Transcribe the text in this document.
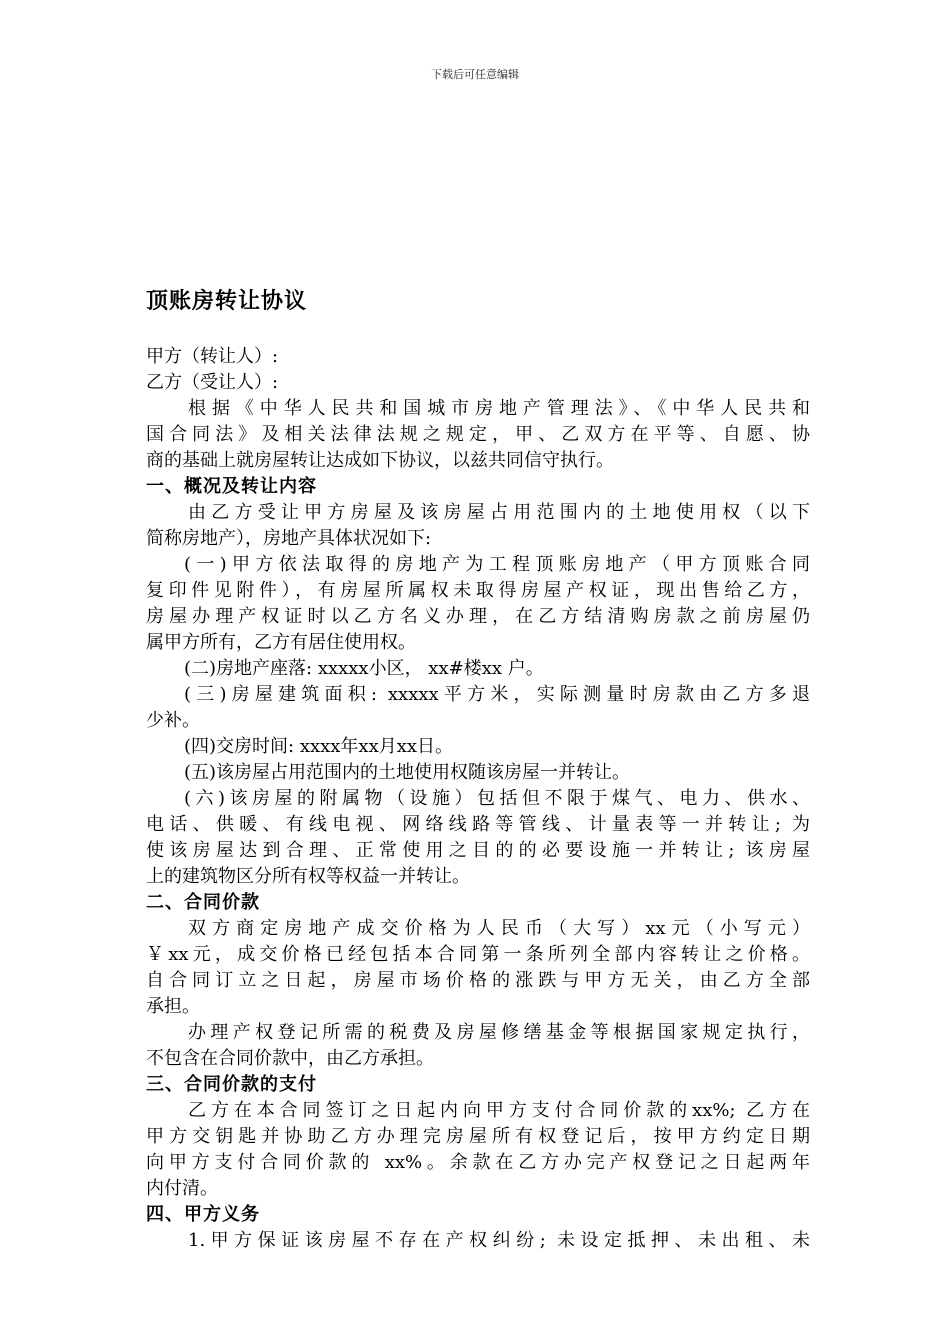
下载后可任意编辑
顶账房转让协议
甲方（转让人）:
乙方（受让人）:
根据《中华人民共和国城市房地产管理法》、《中华人民共和
国合同法》及相关法律法规之规定，甲、乙双方在平等、自愿、协
商的基础上就房屋转让达成如下协议，以兹共同信守执行。
一、概况及转让内容
由乙方受让甲方房屋及该房屋占用范围内的土地使用权（以下
简称房地产），房地产具体状况如下:
(一)甲方依法取得的房地产为工程顶账房地产（甲方顶账合同
复印件见附件），有房屋所属权未取得房屋产权证，现出售给乙方，
房屋办理产权证时以乙方名义办理，在乙方结清购房款之前房屋仍
属甲方所有，乙方有居住使用权。
(二)房地产座落: xxxxx小区， xx#楼xx 户。
(三)房屋建筑面积: xxxxx平方米，实际测量时房款由乙方多退
少补。
(四)交房时间: xxxx年xx月xx日。
(五)该房屋占用范围内的土地使用权随该房屋一并转让。
(六)该房屋的附属物（设施）包括但不限于煤气、电力、供水、
电话、供暖、有线电视、网络线路等管线、计量表等一并转让; 为
使该房屋达到合理、正常使用之目的的必要设施一并转让; 该房屋
上的建筑物区分所有权等权益一并转让。
二、合同价款
双方商定房地产成交价格为人民币（大写）xx元（小写元）
￥xx元，成交价格已经包括本合同第一条所列全部内容转让之价格。
自合同订立之日起，房屋市场价格的涨跌与甲方无关，由乙方全部
承担。
办理产权登记所需的税费及房屋修缮基金等根据国家规定执行，
不包含在合同价款中，由乙方承担。
三、合同价款的支付
乙方在本合同签订之日起内向甲方支付合同价款的xx%; 乙方在
甲方交钥匙并协助乙方办理完房屋所有权登记后，按甲方约定日期
向甲方支付合同价款的 xx%。余款在乙方办完产权登记之日起两年
内付清。
四、甲方义务
1.甲方保证该房屋不存在产权纠纷; 未设定抵押、未出租、未
